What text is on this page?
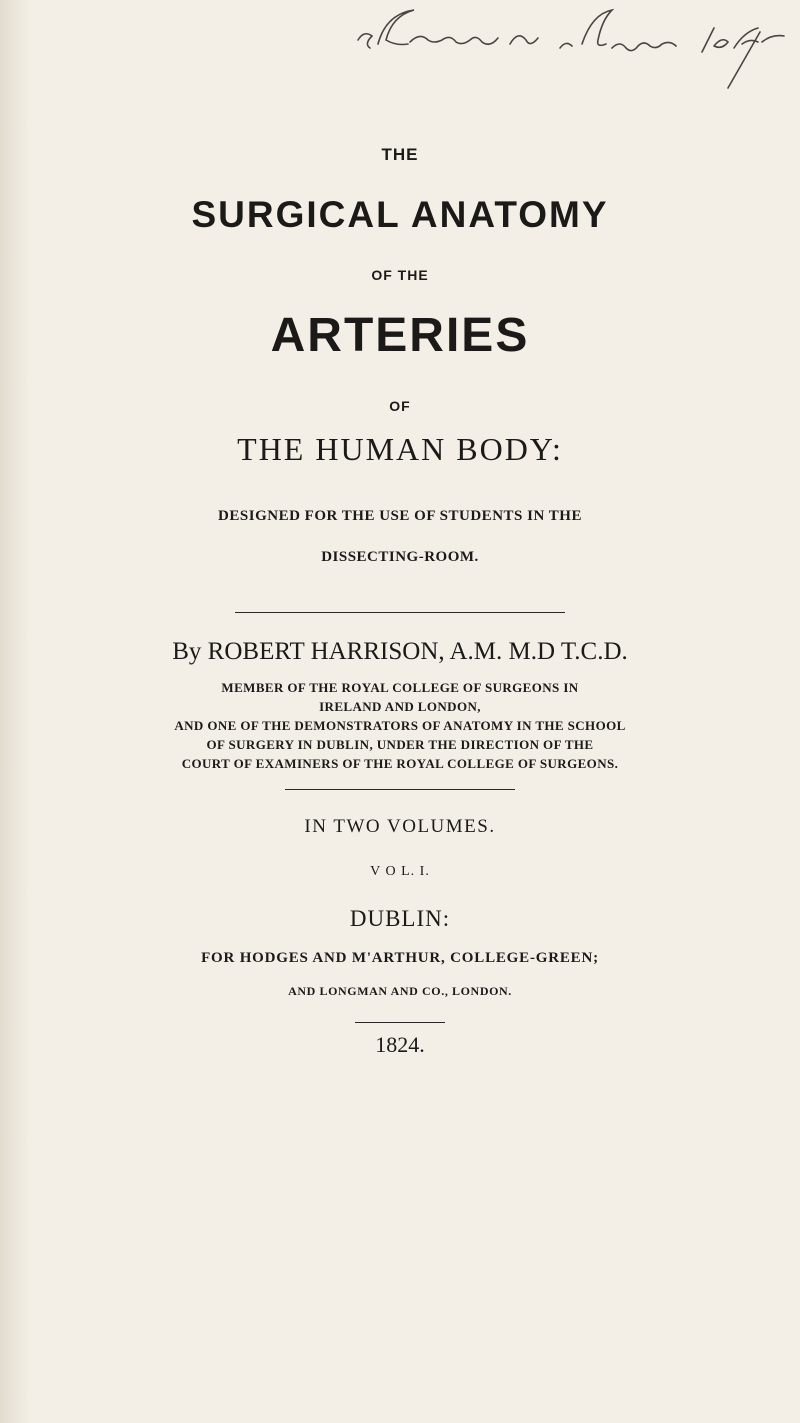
THE

SURGICAL ANATOMY

OF THE

ARTERIES

OF

THE HUMAN BODY:

DESIGNED FOR THE USE OF STUDENTS IN THE

DISSECTING-ROOM.

By ROBERT HARRISON, A.M. M.D T.C.D.

MEMBER OF THE ROYAL COLLEGE OF SURGEONS IN

IRELAND AND LONDON,

AND ONE OF THE DEMONSTRATORS OF ANATOMY IN THE SCHOOL

OF SURGERY IN DUBLIN, UNDER THE DIRECTION OF THE

COURT OF EXAMINERS OF THE ROYAL COLLEGE OF SURGEONS.

IN TWO VOLUMES.

V O L. I.

DUBLIN:

FOR HODGES AND M'ARTHUR, COLLEGE-GREEN;

AND LONGMAN AND CO., LONDON.

1824.
